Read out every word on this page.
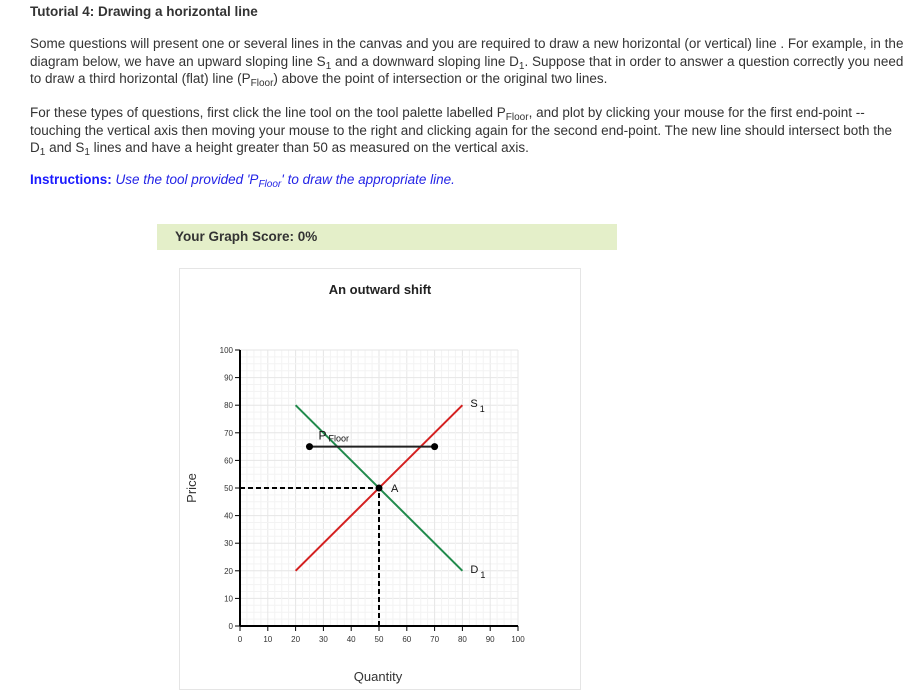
Tutorial 4: Drawing a horizontal line
Some questions will present one or several lines in the canvas and you are required to draw a new horizontal (or vertical) line . For example, in the diagram below, we have an upward sloping line $S_1$ and a downward sloping line $D_1$. Suppose that in order to answer a question correctly you need to draw a third horizontal (flat) line $(P_{Floor})$ above the point of intersection or the original two lines.
For these types of questions, first click the line tool on the tool palette labelled $P_{Floor}$, and plot by clicking your mouse for the first end-point -- touching the vertical axis then moving your mouse to the right and clicking again for the second end-point. The new line should intersect both the $D_1$ and $S_1$ lines and have a height greater than 50 as measured on the vertical axis.
Instructions: Use the tool provided '$P_{Floor}$' to draw the appropriate line.
Your Graph Score: 0%
An outward shift
0	10 20 30 40 50 60 70 80 90 100
0
10
20
30
40
50
60
70
80
90
100
Quantity
Price
S $_1$
D $_1$
P Floor
A
